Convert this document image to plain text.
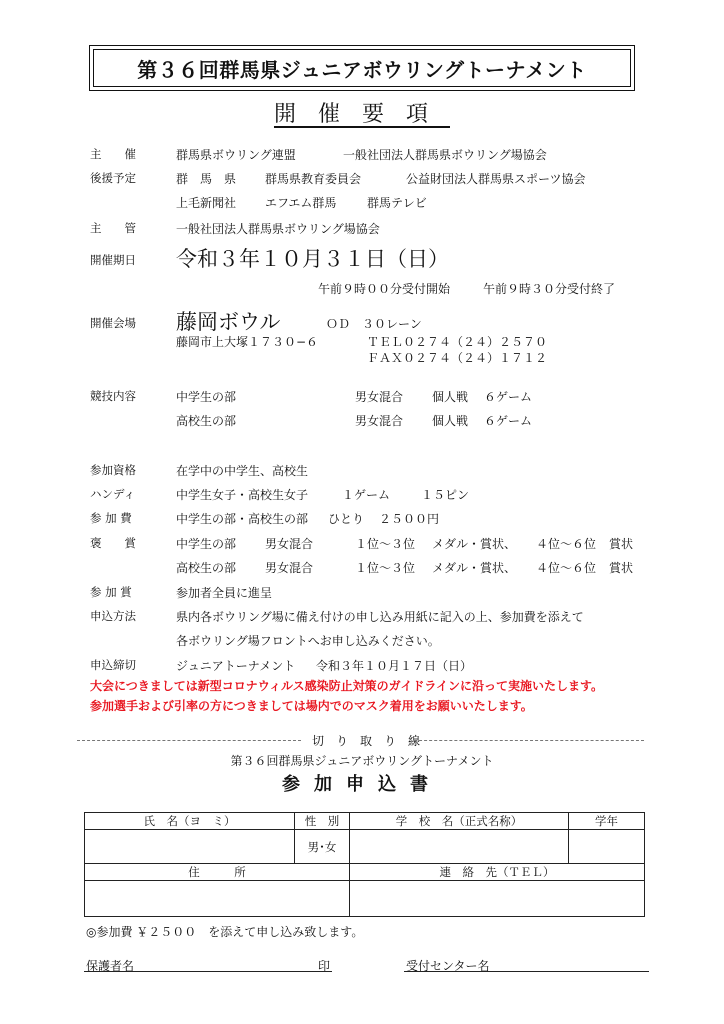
第３６回群馬県ジュニアボウリングトーナメント
開催要項
主　　催	群馬県ボウリング連盟	一般社団法人群馬県ボウリング場協会
後援予定	群　馬　県 群馬県教育委員会	公益財団法人群馬県スポーツ協会
上毛新聞社 エフエム群馬	群馬テレビ
主　　管	一般社団法人群馬県ボウリング場協会
開催期日 令和３年１０月３１日（日）
午前９時００分受付開始	午前９時３０分受付終了
開催会場 藤岡ボウル	ＯＤ　３０レーン
藤岡市上大塚１７３０−６	ＴＥＬ０２７４（２４）２５７０
ＦＡＸ０２７４（２４）１７１２
競技内容	中学生の部	男女混合 個人戦 ６ゲーム
高校生の部	男女混合 個人戦 ６ゲーム
参加資格	在学中の中学生、高校生
ハンディ	中学生女子・高校生女子	１ゲーム	１５ピン
参 加 費	中学生の部・高校生の部 ひとり ２５００円
褒　　賞	中学生の部 男女混合	１位〜３位 メダル・賞状、 ４位〜６位 賞状
高校生の部 男女混合	１位〜３位 メダル・賞状、 ４位〜６位 賞状
参 加 賞	参加者全員に進呈
申込方法	県内各ボウリング場に備え付けの申し込み用紙に記入の上、参加費を添えて
各ボウリング場フロントへお申し込みください。
申込締切	ジュニアトーナメント 令和３年１０月１７日（日）
大会につきましては新型コロナウィルス感染防止対策のガイドラインに沿って実施いたします。
参加選手および引率の方につきましては場内でのマスク着用をお願いいたします。
切　り　取　り　線
第３６回群馬県ジュニアボウリングトーナメント
参加申込書
氏　名（ヨ　ミ）	性　別	学　校　名（正式名称）	学年
	男･女		
住　　　所		連　絡　先（ＴＥＬ）	

◎参加費 ￥２５００　を添えて申し込み致します。
保護者名	印	受付センター名
